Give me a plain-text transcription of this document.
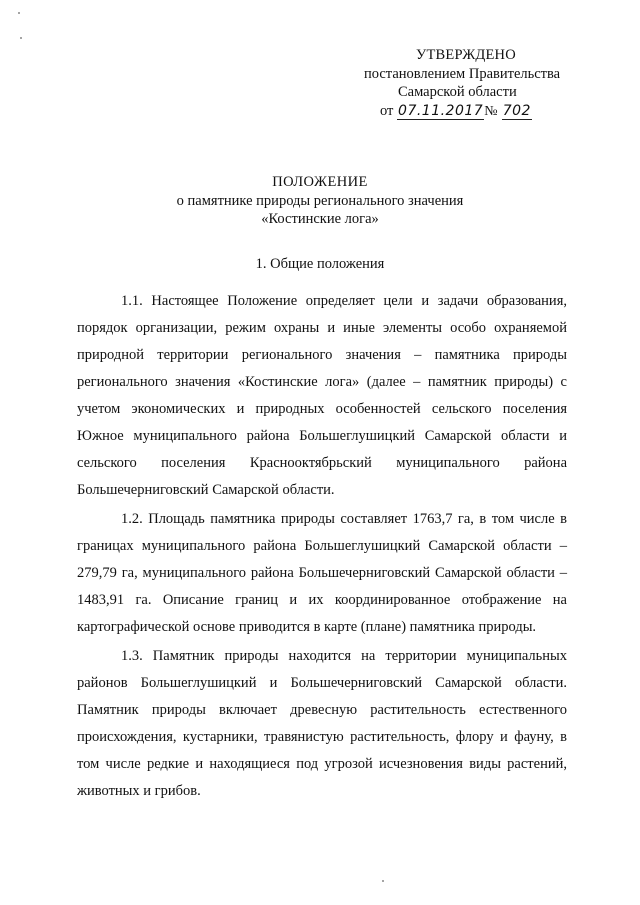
УТВЕРЖДЕНО
постановлением Правительства
Самарской области
от 07.11.2017№ 702
ПОЛОЖЕНИЕ
о памятнике природы регионального значения
«Костинские лога»
1. Общие положения

1.1. Настоящее Положение определяет цели и задачи образования, порядок организации, режим охраны и иные элементы особо охраняемой природной территории регионального значения – памятника природы регионального значения «Костинские лога» (далее – памятник природы) с учетом экономических и природных особенностей сельского поселения Южное муниципального района Большеглушицкий Самарской области и сельского поселения Краснооктябрьский муниципального района Большечерниговский Самарской области.

1.2. Площадь памятника природы составляет 1763,7 га, в том числе в границах муниципального района Большеглушицкий Самарской области – 279,79 га, муниципального района Большечерниговский Самарской области – 1483,91 га. Описание границ и их координированное отображение на картографической основе приводится в карте (плане) памятника природы.

1.3. Памятник природы находится на территории муниципальных районов Большеглушицкий и Большечерниговский Самарской области. Памятник природы включает древесную растительность естественного происхождения, кустарники, травянистую растительность, флору и фауну, в том числе редкие и находящиеся под угрозой исчезновения виды растений, животных и грибов.
